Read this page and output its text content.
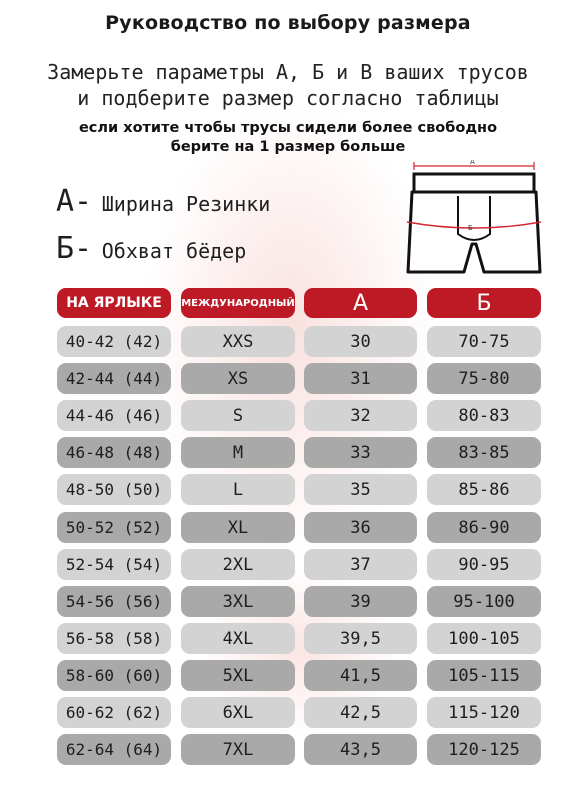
Руководство по выбору размера
Замерьте параметры А, Б и В ваших трусов
и подберите размер согласно таблицы
если хотите чтобы трусы сидели более свободно
берите на 1 размер больше
А- Ширина Резинки
Б- Обхват бёдер
А
Б
НА ЯРЛЫКЕ	МЕЖДУНАРОДНЫЙ	А	Б
40-42 (42)	XXS	30	70-75
42-44 (44)	XS	31	75-80
44-46 (46)	S	32	80-83
46-48 (48)	M	33	83-85
48-50 (50)	L	35	85-86
50-52 (52)	XL	36	86-90
52-54 (54)	2XL	37	90-95
54-56 (56)	3XL	39	95-100
56-58 (58)	4XL	39,5	100-105
58-60 (60)	5XL	41,5	105-115
60-62 (62)	6XL	42,5	115-120
62-64 (64)	7XL	43,5	120-125
